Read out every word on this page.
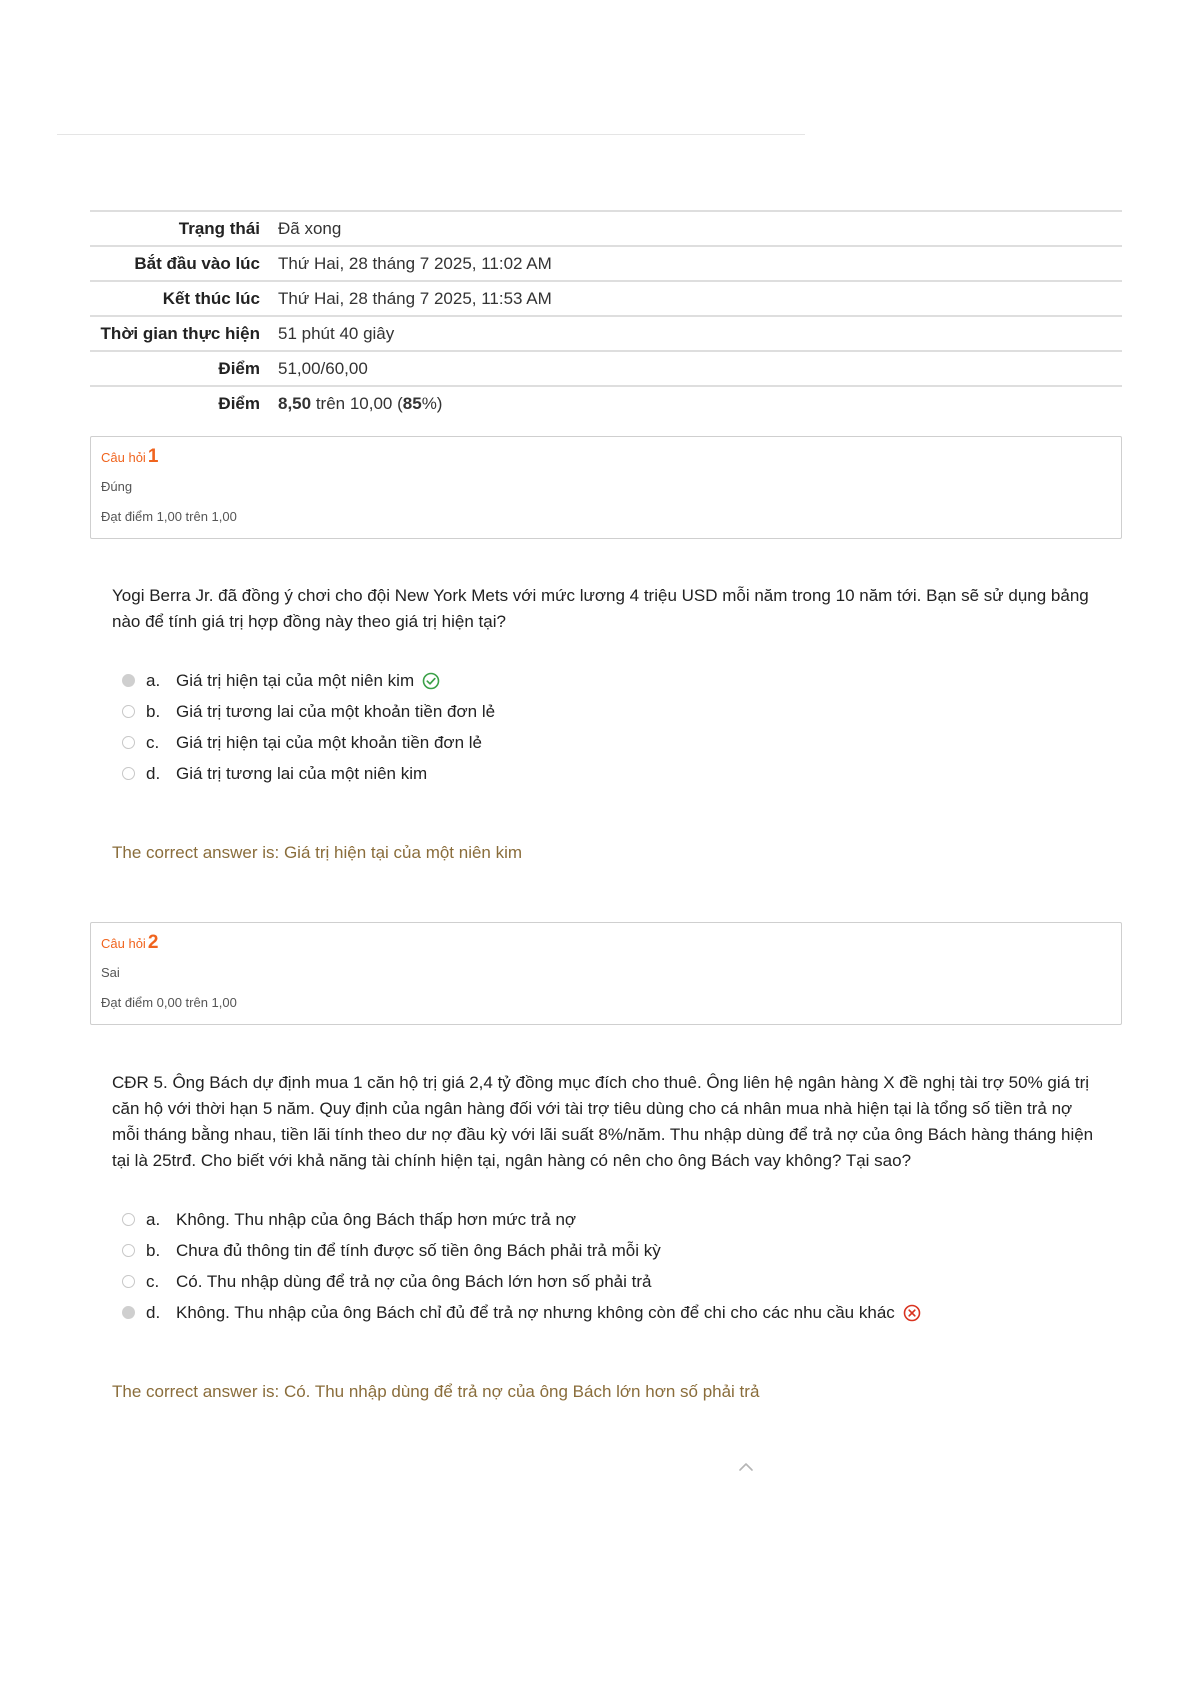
Trạng thái	Đã xong
Bắt đầu vào lúc	Thứ Hai, 28 tháng 7 2025, 11:02 AM
Kết thúc lúc	Thứ Hai, 28 tháng 7 2025, 11:53 AM
Thời gian thực hiện	51 phút 40 giây
Điểm	51,00/60,00
Điểm	8,50 trên 10,00 (85%)
Câu hỏi 1
Đúng
Đạt điểm 1,00 trên 1,00
Yogi Berra Jr. đã đồng ý chơi cho đội New York Mets với mức lương 4 triệu USD mỗi năm trong 10 năm tới. Bạn sẽ sử dụng bảng nào để tính giá trị hợp đồng này theo giá trị hiện tại?
a. Giá trị hiện tại của một niên kim
b. Giá trị tương lai của một khoản tiền đơn lẻ
c. Giá trị hiện tại của một khoản tiền đơn lẻ
d. Giá trị tương lai của một niên kim
The correct answer is: Giá trị hiện tại của một niên kim
Câu hỏi 2
Sai
Đạt điểm 0,00 trên 1,00
CĐR 5. Ông Bách dự định mua 1 căn hộ trị giá 2,4 tỷ đồng mục đích cho thuê. Ông liên hệ ngân hàng X đề nghị tài trợ 50% giá trị căn hộ với thời hạn 5 năm. Quy định của ngân hàng đối với tài trợ tiêu dùng cho cá nhân mua nhà hiện tại là tổng số tiền trả nợ mỗi tháng bằng nhau, tiền lãi tính theo dư nợ đầu kỳ với lãi suất 8%/năm. Thu nhập dùng để trả nợ của ông Bách hàng tháng hiện tại là 25trđ. Cho biết với khả năng tài chính hiện tại, ngân hàng có nên cho ông Bách vay không? Tại sao?
a. Không. Thu nhập của ông Bách thấp hơn mức trả nợ
b. Chưa đủ thông tin để tính được số tiền ông Bách phải trả mỗi kỳ
c. Có. Thu nhập dùng để trả nợ của ông Bách lớn hơn số phải trả
d. Không. Thu nhập của ông Bách chỉ đủ để trả nợ nhưng không còn để chi cho các nhu cầu khác
The correct answer is: Có. Thu nhập dùng để trả nợ của ông Bách lớn hơn số phải trả
